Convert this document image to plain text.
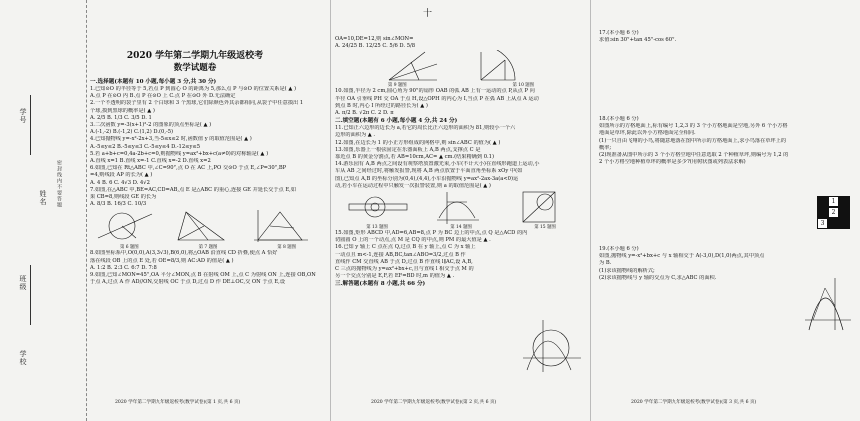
学号
姓名 密封线内不要答题
班级
学校
2020 学年第二学期九年级返校考
数学试题卷
一.选择题(本题有 10 小题,每小题 3 分,共 30 分)
1.已知⊙O 的半径等于 5,若点 P 到圆心 O 的距离为 5,那么点 P 与⊙O 的位置关系是( ▲ )
A.点 P 在⊙O 内 B.点 P 在⊙O 上 C.点 P 在⊙O 外 D.无法确定
2.一个不透明的袋子里有 2 个白球和 3 个黑球,它们除颜色外其余都相同,从袋子中任意摸出 1
个球,摸到黑球的概率是( ▲ )
A. 2/5 B. 1/3 C. 3/5 D. 1
3.二次函数 y=-3(x+1)²-2 的图象的顶点坐标是( ▲ )
A.(-1,-2) B.(-1,2) C.(1,2) D.(0,-5)
4.已知抛物线 y=-x²-2x+3,当-5≤x≤2 时,函数值 y 的取值范围是( ▲ )
A.-5≤y≤2 B.-5≤y≤3 C.-5≤y≤4 D.-12≤y≤5
5.若 a+b+c=0,4a-2b+c=0,则抛物线 y=ax²+bx+c(a≠0)的对称轴是( ▲ )
A.直线 x=1 B.直线 x=-1 C.直线 x=-2 D.直线 x=2
6.如图,已知在 Rt△ABC 中,∠C=90°,点 O 在 AC 上,PO 交⊙O 于点 E,∠P=30°,BP
=4,则线段 AP 的长为( ▲ )
A. 4 B. 6 C. 4√3 D. 4√2
7.如图,在△ABC 中,BE=AC,CD=AB,点 E 是△ABC 的重心,连接 GE 并延长交于点 E,如
果 CB=8,则线段 GE 的长为
A. 8/3 B. 16/3 C. 10/3
第 6 题图	第 7 题图	第 8 题图
8.如图坐标系中,O(0,0),A(3,3√3),B(6,0),将△OAB 沿直线 CD 折叠,使点 A 恰好
落在线段 OB 上的点 E 处,若 OE=8/3,则 AC:AD 的值是( ▲ )
A. 1:2 B. 2:3 C. 6:7 D. 7:8
9.如图,已知∠MON=45°,OA 平分∠MON,点 B 在射线 OM 上,点 C 为射线 ON 上,连接 OB,ON
于点 A,过点 A 作 AD//ON,交射线 OC 于点 D,过点 D 作 DE⊥OC,交 ON 于点 E,设
2020 学年第二学期九年级返校考(数学试卷)(第 1 页,共 6 页)
十
OA=10,DE=12,则 sin∠MON=
A. 24/25 B. 12/25 C. 5/6 D. 5/8
第 9 题图	第 10 题图
10.如图,半径为 2 cm,圆心角为 90°的扇形 OAB 的弧 AB 上有一运动的点 P,从点 P 向
半径 OA 引垂线 PH 交 OA 于点 H,设△OPH 的内心为 I,当点 P 在弧 AB 上从点 A 运动
到点 B 时,内心 I 所经过的路径长为( ▲ )
A. π/2 B. √2π C. 2 D. π
二.填空题(本题有 6 小题,每小题 4 分,共 24 分)
11.已知正六边形的边长为 a,若它的周长比正六边形的面积为 81,则较小一个六
边形的面积为 ▲ .
12.如图,在边长为 1 的小正方形组成的网格中,则 sin∠ABC 的值为( ▲ )
13.如图,乐器上一根弦固定在乐器面板上 A,B 两点,支撑点 C 是
靠近点 B 的黄金分割点,若 AB=10cm,AC= ▲ cm.(结果精确到 0.1)
14.游乐园有 A,B 两点之间设有观察塔放置激光束,小车(不计大小)在直线形跑道上运动,小
车从 AB 之间经过时,将触发报警,现将 A,B 两点放置于平面直角坐标系 xOy 中(如
图),已知点 A,B 的坐标分别为(0,4),(4,4),小车沿抛物线 y=ax²-2ax-3a(a<0)运
动,若小车在运动过程中只触发一次报警装置,则 a 的取值范围是( ▲ )
第 13 题图	第 14 题图	第 15 题图
15.如图,矩形 ABCD 中,AD=6,AB=8,点 P 为 BC 边上的中点,点 Q 是△ACD 的内
切圆圆 O 上的一个动点,点 M 是 CQ 的中点,则 PM 的最大值是 ▲ .
16.已知 y 轴上 C 点在点 Q,过点 B 在 y 轴上,点 C 为 x 轴上
一动点且 m<-1,连接 AB,BC,tan∠ABO=3/2,过点 B 作
直线作 CM 交直线 AB 于点 D,过点 B 作直线 l∥AC,设 A,B,
C 三点的抛物线为 y=ax²+bx+c,且与直线 l 相交于点 M 的
另一个交点分别是 E,F,若 EF=BD 时,m 的值为 ▲ .
三.解答题(本题有 8 小题,共 66 分)
2020 学年第二学期九年级返校考(数学试卷)(第 2 页,共 6 页)
17.(本小题 6 分)
求值:sin 30°+tan 45°-cos 60°.
18.(本小题 6 分)
如图所示的方格地面上,标有编号 1,2,3 的 3 个小方格地面是空地,另外 6 个小方格
地面是草坪,除此以外小方格地面完全相同.
(1)一只自由飞翔的小鸟,将随意地落在图中所示的方格地面上,求小鸟落在草坪上的
概率;
(2)现准备从图中所示的 3 个小方格空地中任意选取 2 个种植草坪,则编号为 1,2 的
2 个小方格空地种植草坪的概率是多少?(用树状图或列表法求解)
1
2
3
19.(本小题 6 分)
如图,抛物线 y=-x²+bx+c 与 x 轴相交于 A(-3,0),D(1,0)两点,其中顶点
为 B.
(1)求该抛物线的解析式;
(2)求该抛物线与 y 轴的交点为 C,求△ABC 的面积.
2020 学年第二学期九年级返校考(数学试卷)(第 3 页,共 6 页)
